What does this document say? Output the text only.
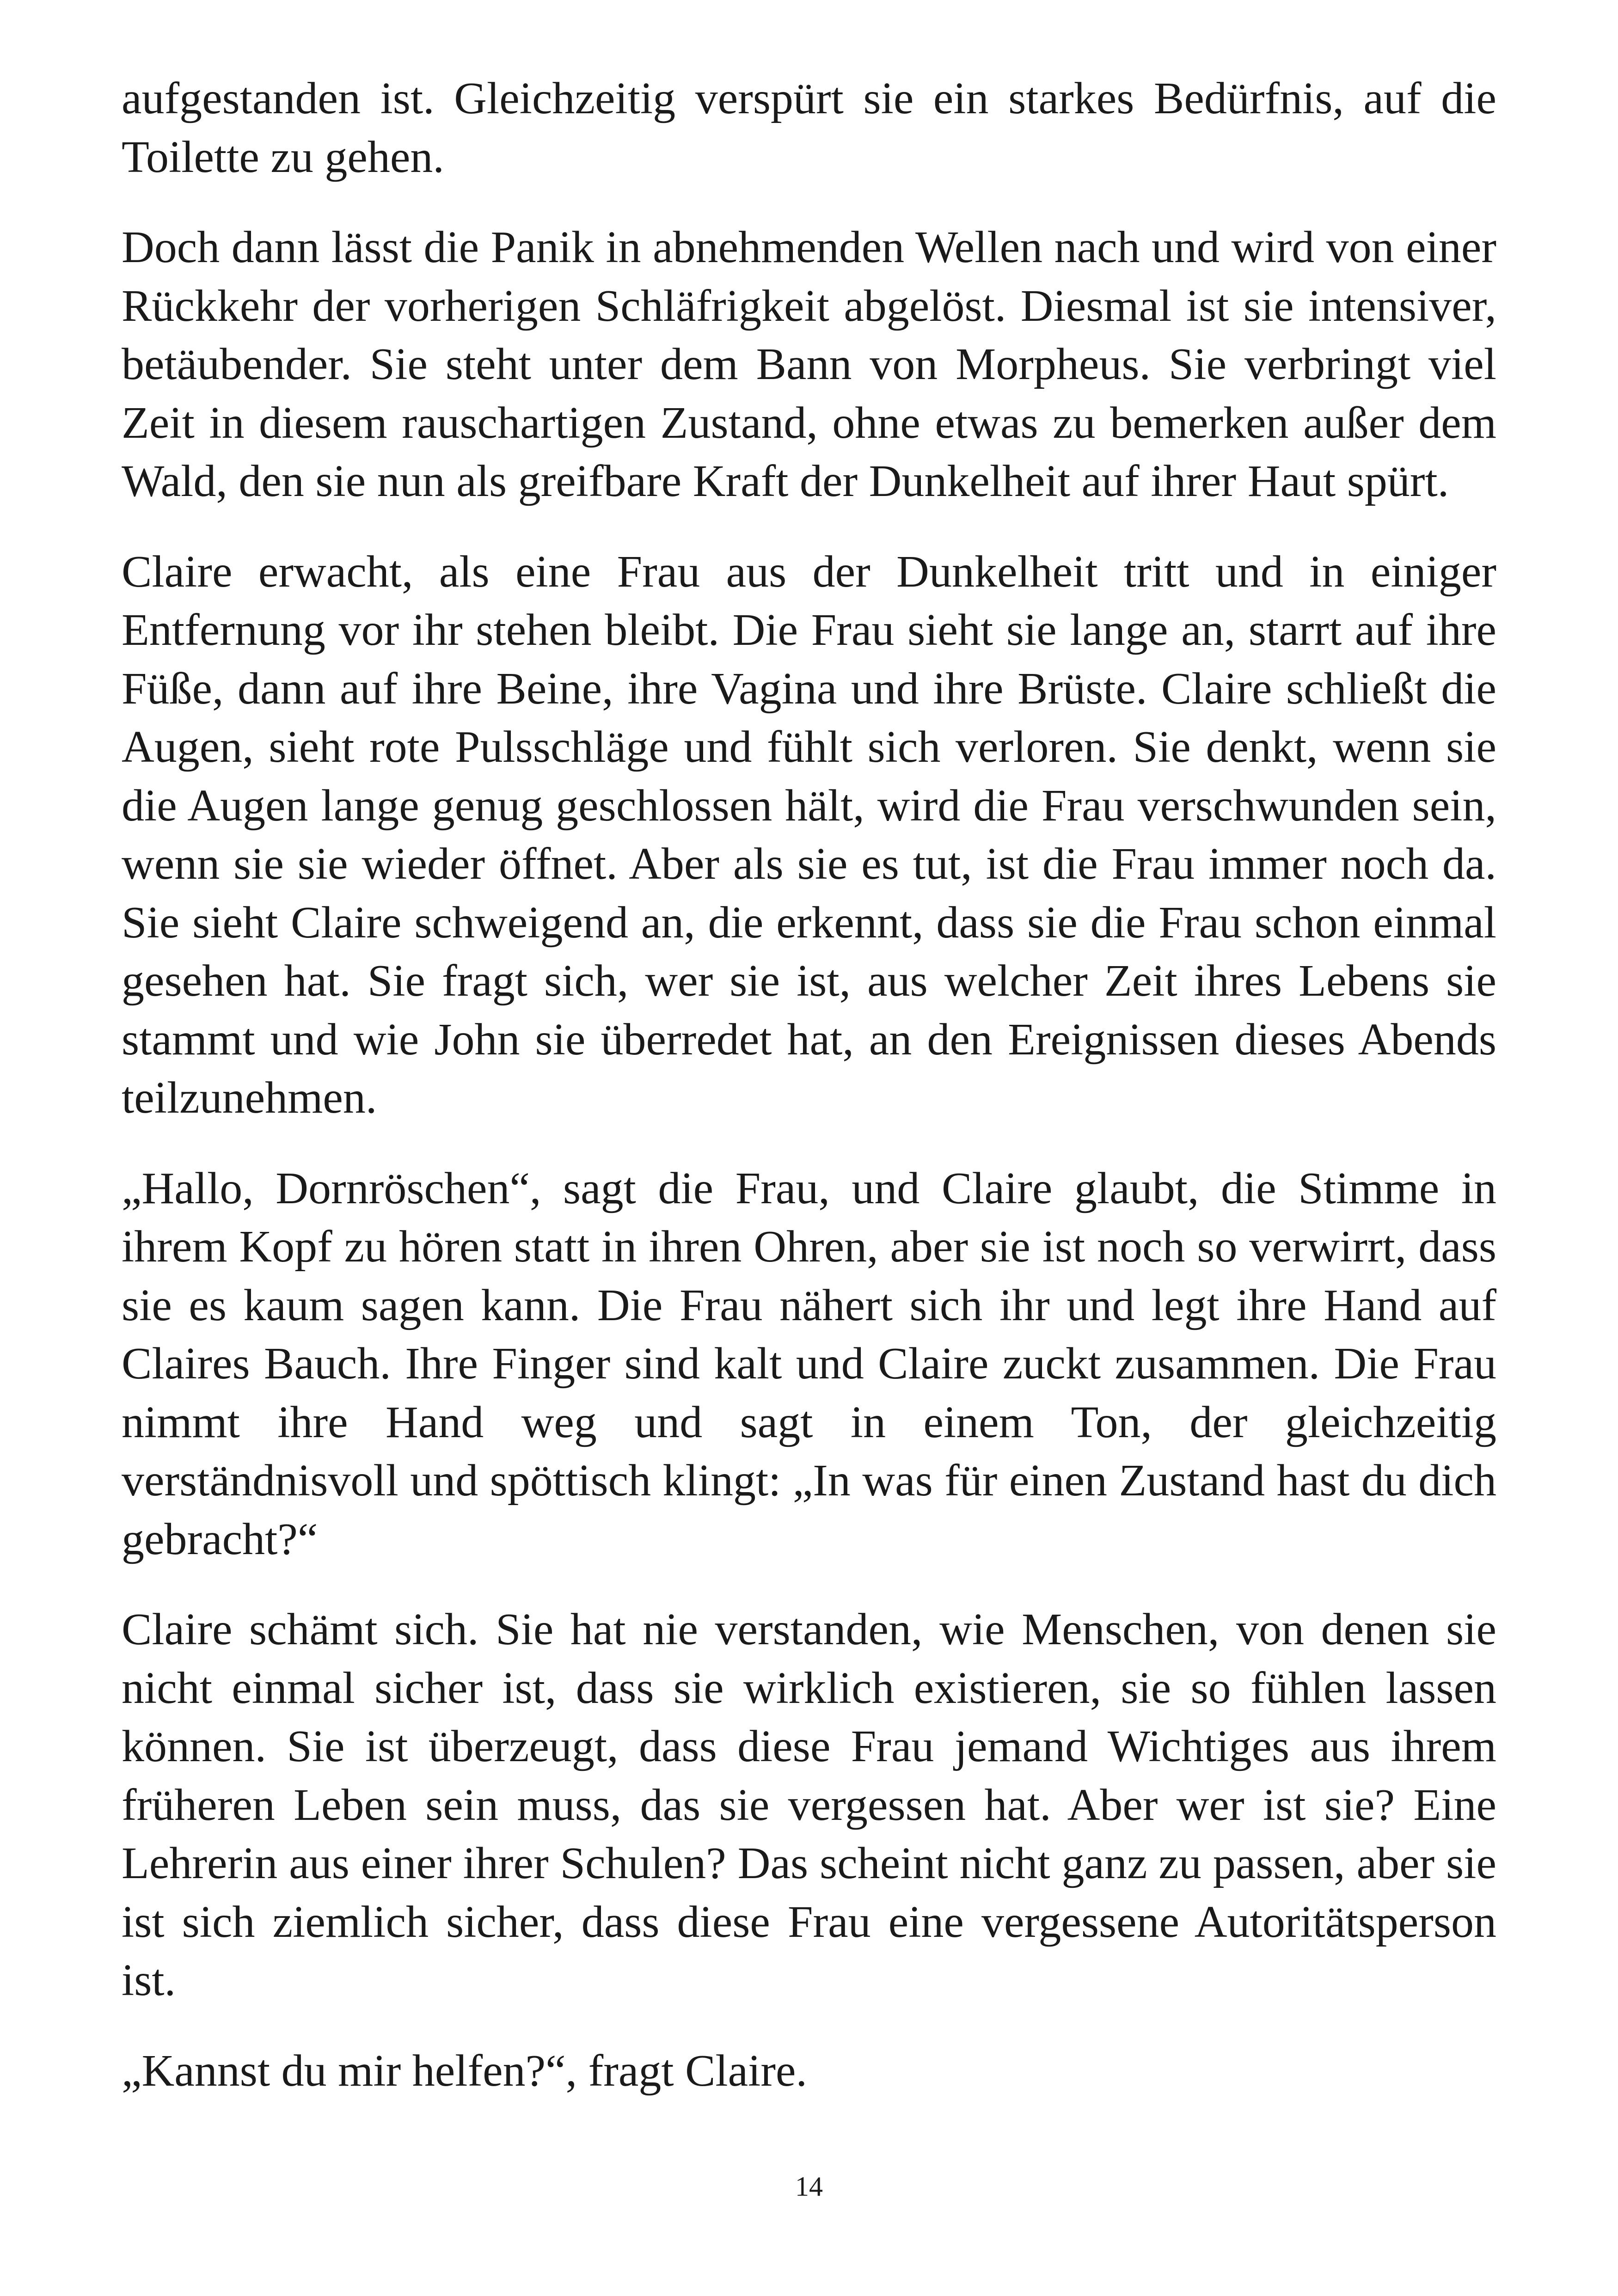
aufgestanden ist. Gleichzeitig verspürt sie ein starkes Bedürfnis, auf die Toilette zu gehen.

Doch dann lässt die Panik in abnehmenden Wellen nach und wird von einer Rückkehr der vorherigen Schläfrigkeit abgelöst. Diesmal ist sie intensiver, betäubender. Sie steht unter dem Bann von Morpheus. Sie verbringt viel Zeit in diesem rauschartigen Zustand, ohne etwas zu bemerken außer dem Wald, den sie nun als greifbare Kraft der Dunkelheit auf ihrer Haut spürt.

Claire erwacht, als eine Frau aus der Dunkelheit tritt und in einiger Entfernung vor ihr stehen bleibt. Die Frau sieht sie lange an, starrt auf ihre Füße, dann auf ihre Beine, ihre Vagina und ihre Brüste. Claire schließt die Augen, sieht rote Pulsschläge und fühlt sich verloren. Sie denkt, wenn sie die Augen lange genug geschlossen hält, wird die Frau verschwunden sein, wenn sie sie wieder öffnet. Aber als sie es tut, ist die Frau immer noch da. Sie sieht Claire schweigend an, die erkennt, dass sie die Frau schon einmal gesehen hat. Sie fragt sich, wer sie ist, aus welcher Zeit ihres Lebens sie stammt und wie John sie überredet hat, an den Ereignissen dieses Abends teilzunehmen.

„Hallo, Dornröschen“, sagt die Frau, und Claire glaubt, die Stimme in ihrem Kopf zu hören statt in ihren Ohren, aber sie ist noch so verwirrt, dass sie es kaum sagen kann. Die Frau nähert sich ihr und legt ihre Hand auf Claires Bauch. Ihre Finger sind kalt und Claire zuckt zusammen. Die Frau nimmt ihre Hand weg und sagt in einem Ton, der gleichzeitig verständnisvoll und spöttisch klingt: „In was für einen Zustand hast du dich gebracht?“

Claire schämt sich. Sie hat nie verstanden, wie Menschen, von denen sie nicht einmal sicher ist, dass sie wirklich existieren, sie so fühlen lassen können. Sie ist überzeugt, dass diese Frau jemand Wichtiges aus ihrem früheren Leben sein muss, das sie vergessen hat. Aber wer ist sie? Eine Lehrerin aus einer ihrer Schulen? Das scheint nicht ganz zu passen, aber sie ist sich ziemlich sicher, dass diese Frau eine vergessene Autoritätsperson ist.

„Kannst du mir helfen?“, fragt Claire.

14
